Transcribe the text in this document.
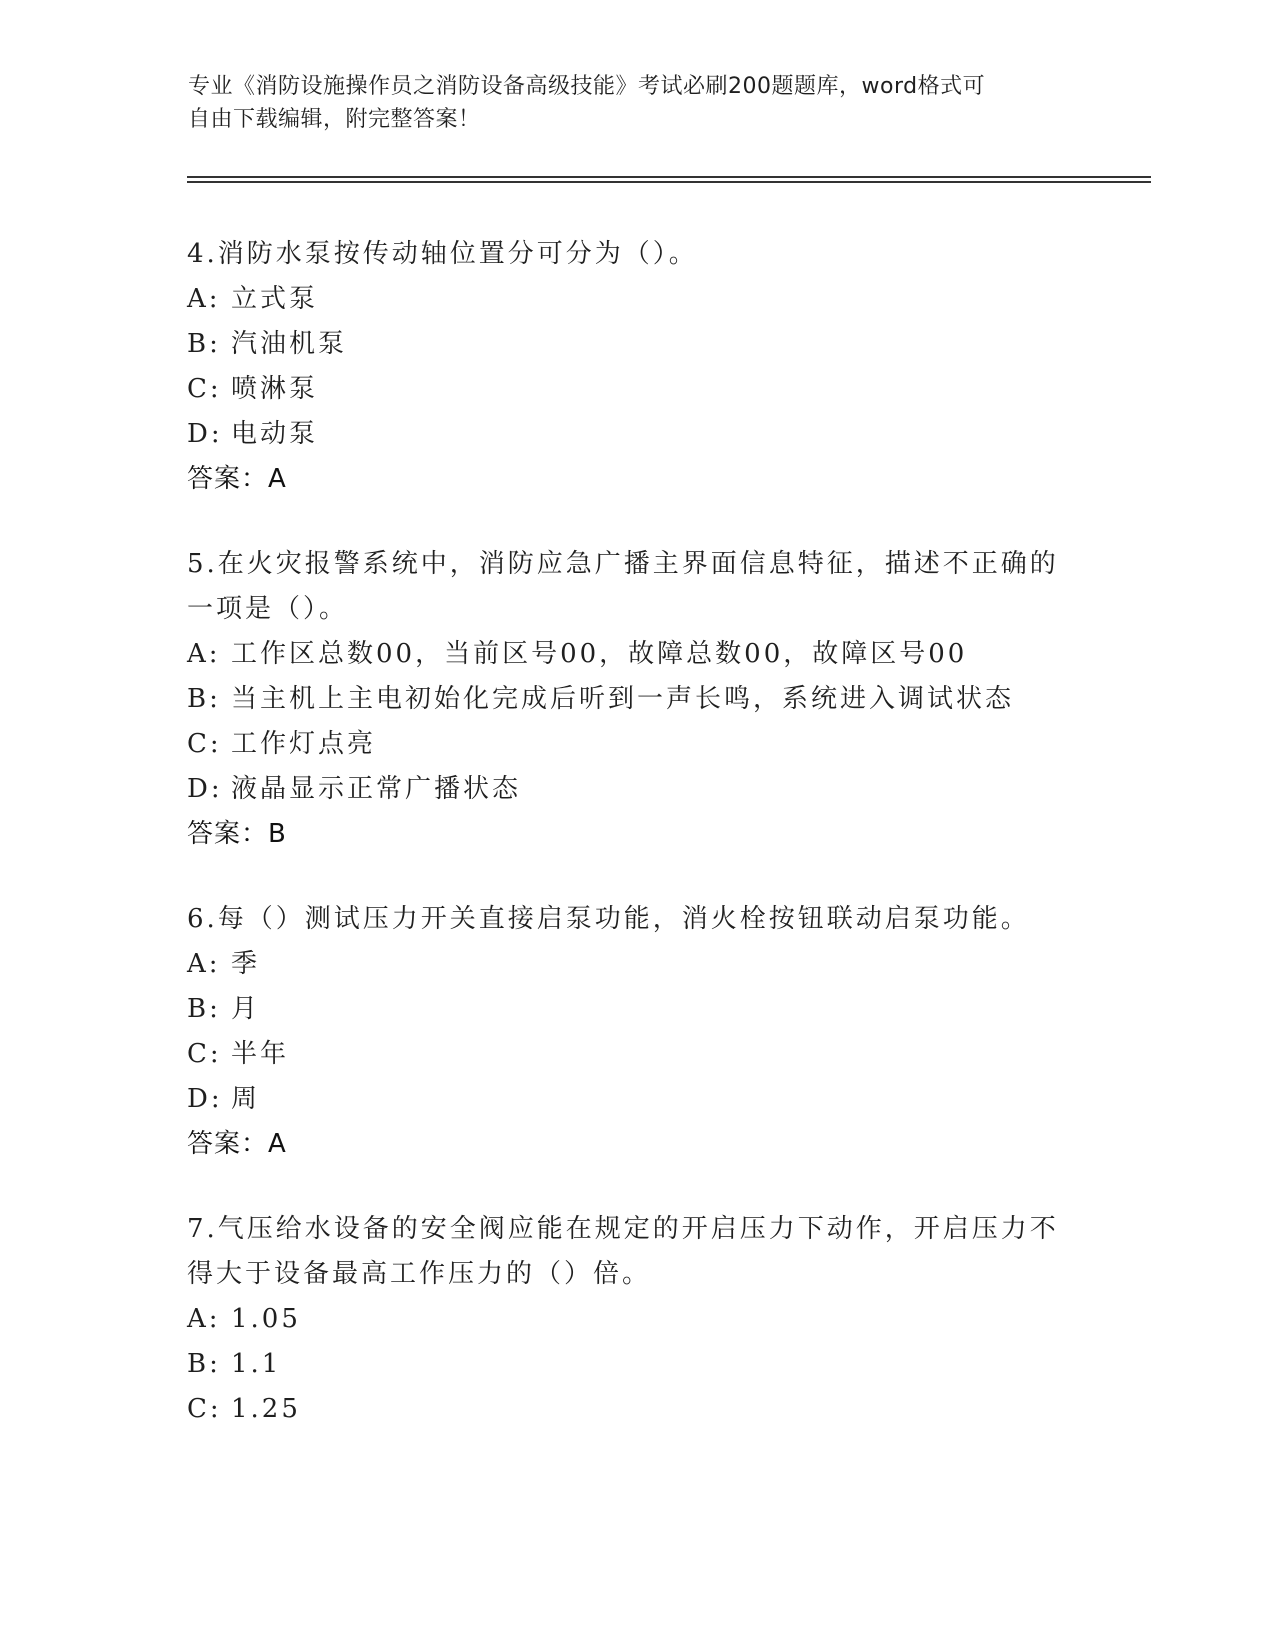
专业《消防设施操作员之消防设备高级技能》考试必刷200题题库，word格式可
自由下载编辑，附完整答案！
4.消防水泵按传动轴位置分可分为（）。
A: 立式泵
B: 汽油机泵
C: 喷淋泵
D: 电动泵
答案：A
5.在火灾报警系统中，消防应急广播主界面信息特征，描述不正确的
一项是（）。
A: 工作区总数00，当前区号00，故障总数00，故障区号00
B: 当主机上主电初始化完成后听到一声长鸣，系统进入调试状态
C: 工作灯点亮
D: 液晶显示正常广播状态
答案：B
6.每（）测试压力开关直接启泵功能，消火栓按钮联动启泵功能。
A: 季
B: 月
C: 半年
D: 周
答案：A
7.气压给水设备的安全阀应能在规定的开启压力下动作，开启压力不
得大于设备最高工作压力的（）倍。
A: 1.05
B: 1.1
C: 1.25
